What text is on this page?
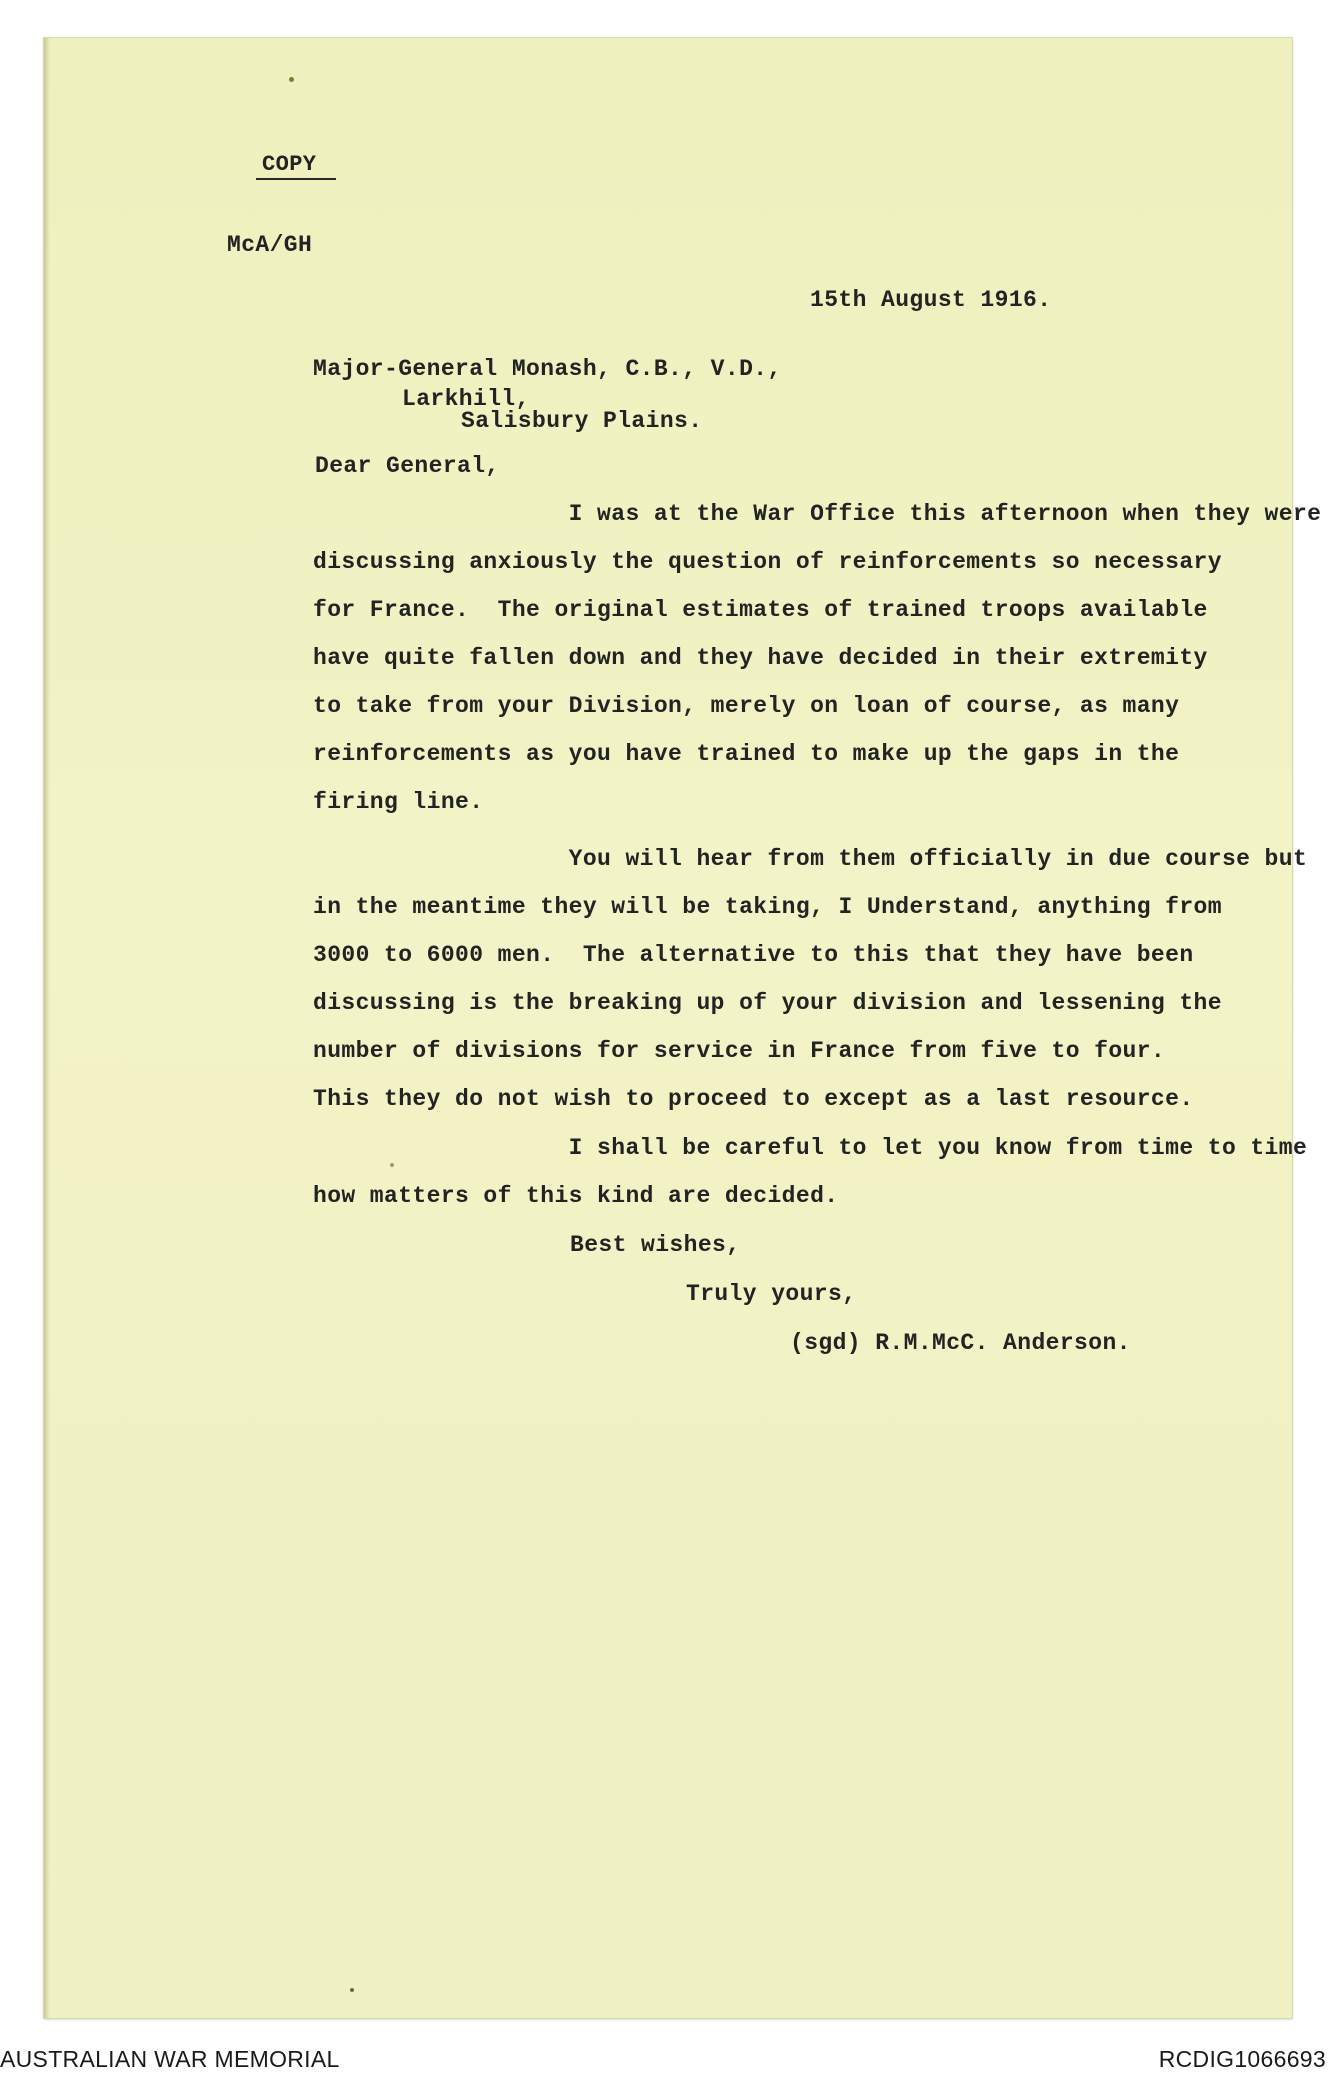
COPY
McA/GH
15th August 1916.
Major-General Monash, C.B., V.D.,
Larkhill,
Salisbury Plains.
Dear General,

I was at the War Office this afternoon when they were

discussing anxiously the question of reinforcements so necessary

for France.  The original estimates of trained troops available

have quite fallen down and they have decided in their extremity

to take from your Division, merely on loan of course, as many

reinforcements as you have trained to make up the gaps in the

firing line.

You will hear from them officially in due course but

in the meantime they will be taking, I Understand, anything from

3000 to 6000 men.  The alternative to this that they have been

discussing is the breaking up of your division and lessening the

number of divisions for service in France from five to four.

This they do not wish to proceed to except as a last resource.

I shall be careful to let you know from time to time

how matters of this kind are decided.

Best wishes,
Truly yours,
(sgd) R.M.McC. Anderson.
AUSTRALIAN WAR MEMORIAL	RCDIG1066693
